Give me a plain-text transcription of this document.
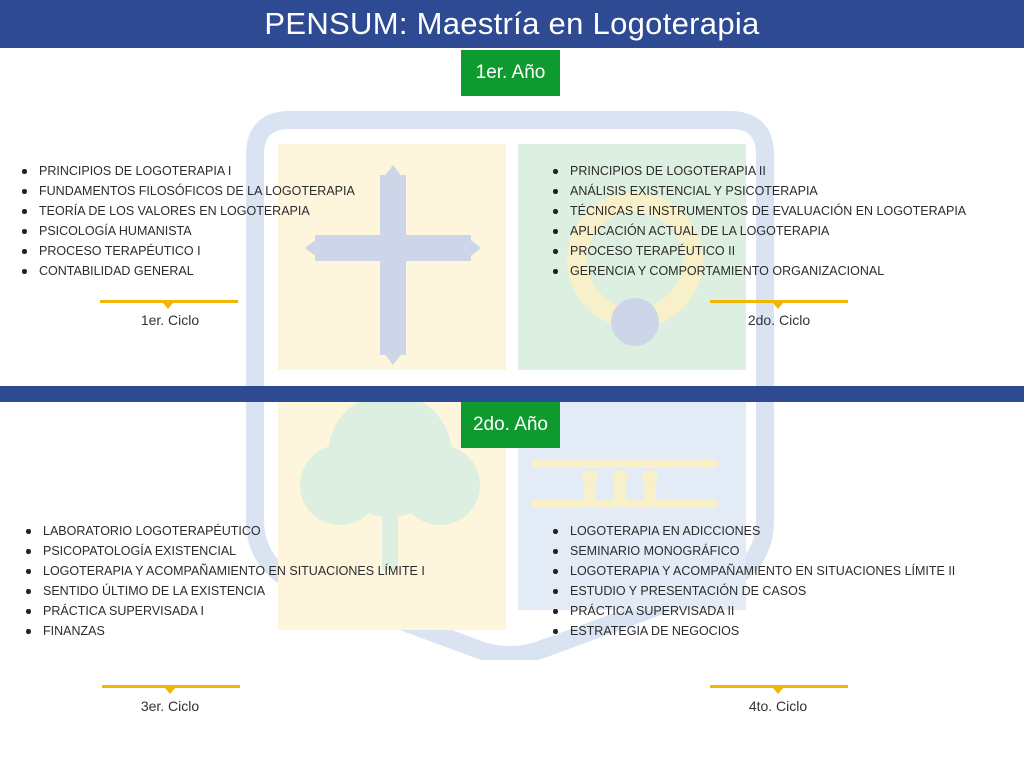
PENSUM: Maestría en Logoterapia
1er. Año
PRINCIPIOS DE LOGOTERAPIA I
FUNDAMENTOS FILOSÓFICOS DE LA LOGOTERAPIA
TEORÍA DE LOS VALORES EN LOGOTERAPIA
PSICOLOGÍA HUMANISTA
PROCESO TERAPÉUTICO I
CONTABILIDAD GENERAL
PRINCIPIOS DE LOGOTERAPIA II
ANÁLISIS EXISTENCIAL Y PSICOTERAPIA
TÉCNICAS E INSTRUMENTOS DE EVALUACIÓN EN LOGOTERAPIA
APLICACIÓN ACTUAL DE LA LOGOTERAPIA
PROCESO TERAPÉUTICO II
GERENCIA Y COMPORTAMIENTO ORGANIZACIONAL
1er. Ciclo	2do. Ciclo
2do. Año
LABORATORIO LOGOTERAPÉUTICO
PSICOPATOLOGÍA EXISTENCIAL
LOGOTERAPIA Y ACOMPAÑAMIENTO EN SITUACIONES LÍMITE I
SENTIDO ÚLTIMO DE LA EXISTENCIA
PRÁCTICA SUPERVISADA I
FINANZAS
LOGOTERAPIA EN ADICCIONES
SEMINARIO MONOGRÁFICO
LOGOTERAPIA Y ACOMPAÑAMIENTO EN SITUACIONES LÍMITE II
ESTUDIO Y PRESENTACIÓN DE CASOS
PRÁCTICA SUPERVISADA II
ESTRATEGIA DE NEGOCIOS
3er. Ciclo	4to. Ciclo
